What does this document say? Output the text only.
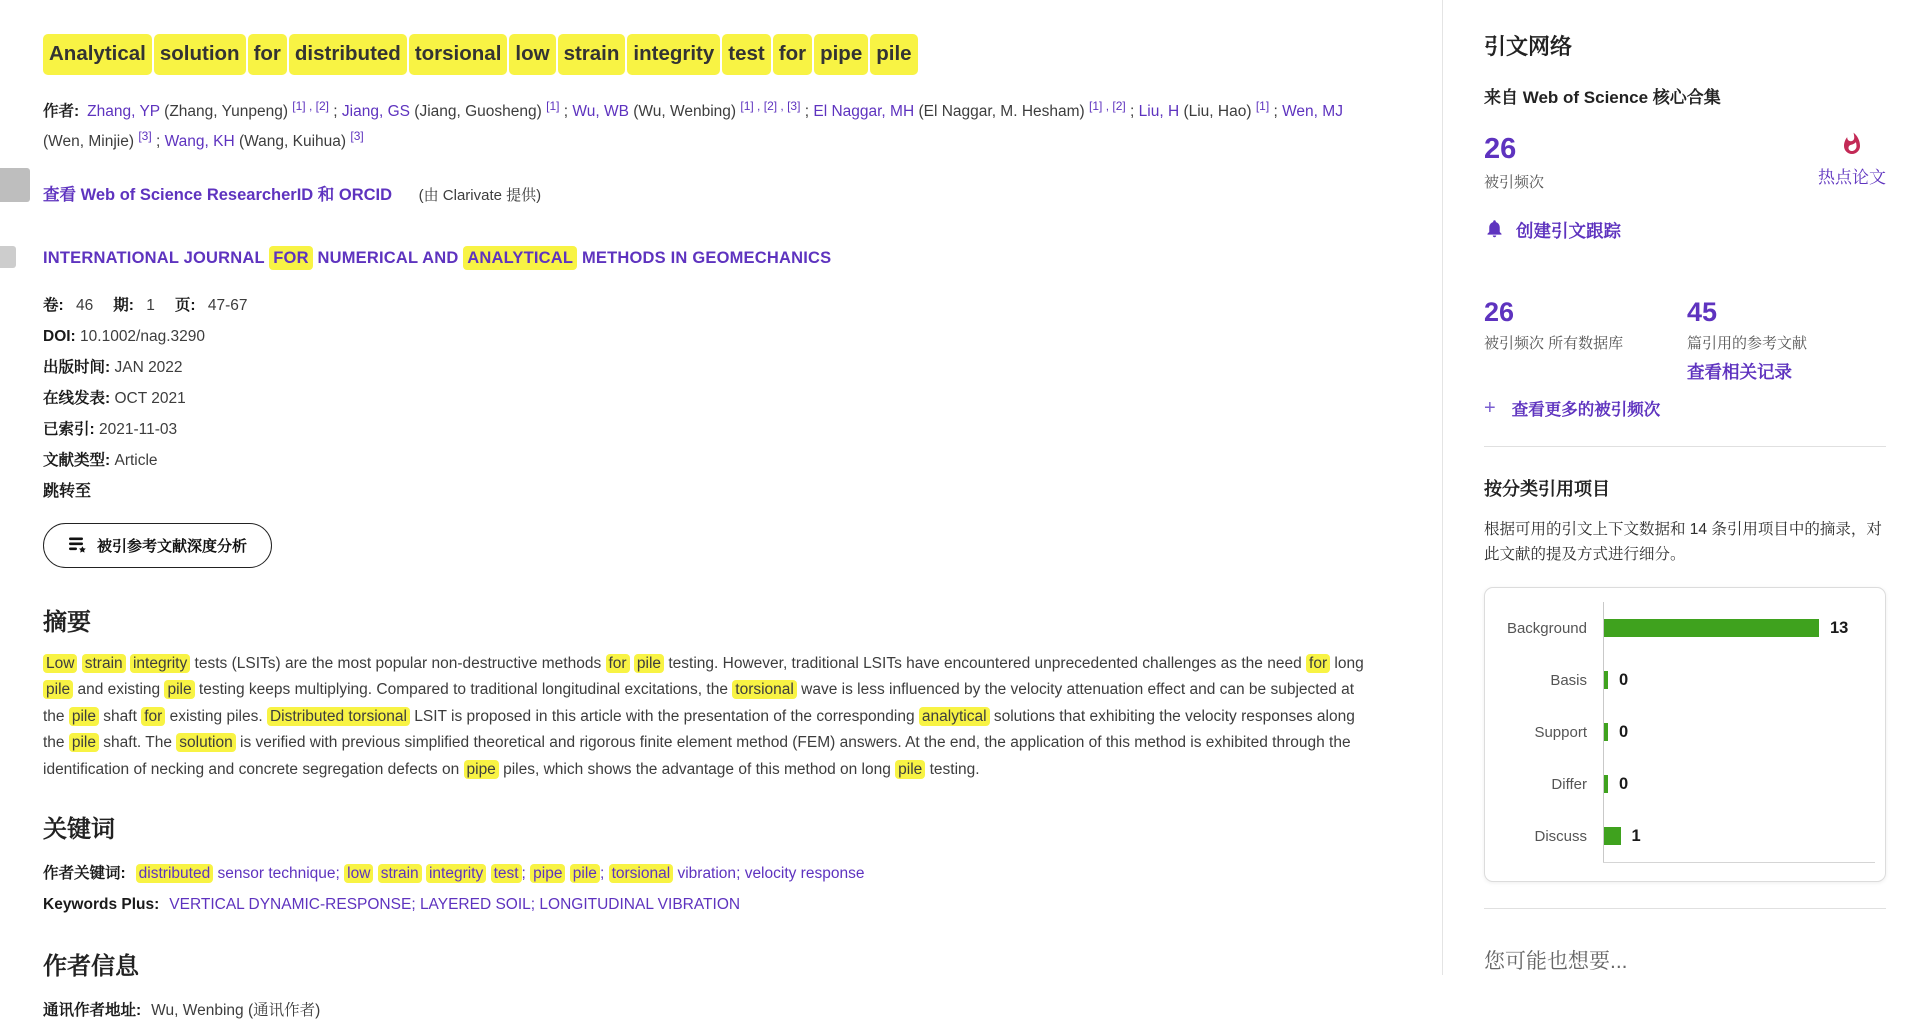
Analytical solution for distributed torsional low strain integrity test for pipe pile

作者: Zhang, YP (Zhang, Yunpeng) [1] , [2] ; Jiang, GS (Jiang, Guosheng) [1] ; Wu, WB (Wu, Wenbing) [1] , [2] , [3] ; El Naggar, MH (El Naggar, M. Hesham) [1] , [2] ; Liu, H (Liu, Hao) [1] ; Wen, MJ (Wen, Minjie) [3] ; Wang, KH (Wang, Kuihua) [3]

查看 Web of Science ResearcherID 和 ORCID (由 Clarivate 提供)

INTERNATIONAL JOURNAL FOR NUMERICAL AND ANALYTICAL METHODS IN GEOMECHANICS

卷: 46 期: 1 页: 47-67

DOI: 10.1002/nag.3290

出版时间: JAN 2022

在线发表: OCT 2021

已索引: 2021-11-03

文献类型: Article

跳转至

被引参考文献深度分析
摘要

Low strain integrity tests (LSITs) are the most popular non-destructive methods for pile testing. However, traditional LSITs have encountered unprecedented challenges as the need for long pile and existing pile testing keeps multiplying. Compared to traditional longitudinal excitations, the torsional wave is less influenced by the velocity attenuation effect and can be subjected at the pile shaft for existing piles. Distributed torsional LSIT is proposed in this article with the presentation of the corresponding analytical solutions that exhibiting the velocity responses along the pile shaft. The solution is verified with previous simplified theoretical and rigorous finite element method (FEM) answers. At the end, the application of this method is exhibited through the identification of necking and concrete segregation defects on pipe piles, which shows the advantage of this method on long pile testing.

关键词

作者关键词: distributed sensor technique; low strain integrity test ; pipe pile ; torsional vibration; velocity response

Keywords Plus: VERTICAL DYNAMIC-RESPONSE; LAYERED SOIL; LONGITUDINAL VIBRATION

作者信息

通讯作者地址: Wu, Wenbing (通讯作者)

引文网络

来自 Web of Science 核心合集

26
被引频次	热点论文
创建引文跟踪
26
被引频次 所有数据库
45
篇引用的参考文献
查看相关记录
+ 查看更多的被引频次
按分类引用项目

根据可用的引文上下文数据和 14 条引用项目中的摘录，对此文献的提及方式进行细分。

Background	13
Basis	0
Support	0
Differ	0
Discuss	1

您可能也想要...
